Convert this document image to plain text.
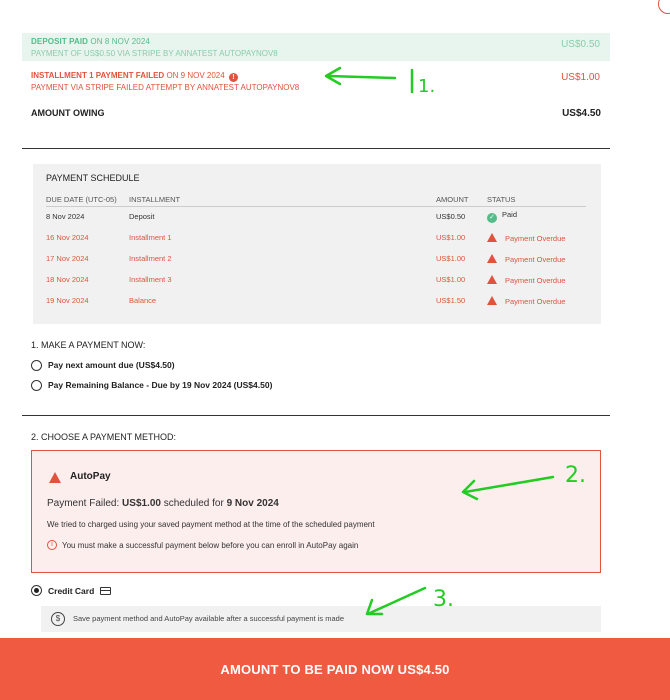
DEPOSIT PAID ON 8 NOV 2024
PAYMENT OF US$0.50 VIA STRIPE BY ANNATEST AUTOPAYNOV8
US$0.50
INSTALLMENT 1 PAYMENT FAILED ON 9 NOV 2024 !
PAYMENT VIA STRIPE FAILED ATTEMPT BY ANNATEST AUTOPAYNOV8
US$1.00
AMOUNT OWING	US$4.50
PAYMENT SCHEDULE
DUE DATE (UTC-05)	INSTALLMENT	AMOUNT	STATUS
8 Nov 2024	Deposit	US$0.50	✓ Paid
16 Nov 2024	Installment 1	US$1.00	Payment Overdue
17 Nov 2024	Installment 2	US$1.00	Payment Overdue
18 Nov 2024	Installment 3	US$1.00	Payment Overdue
19 Nov 2024	Balance	US$1.50	Payment Overdue
1. MAKE A PAYMENT NOW:
Pay next amount due (US$4.50)
Pay Remaining Balance - Due by 19 Nov 2024 (US$4.50)
2. CHOOSE A PAYMENT METHOD:
AutoPay
Payment Failed: US$1.00 scheduled for 9 Nov 2024
We tried to charged using your saved payment method at the time of the scheduled payment
i	You must make a successful payment below before you can enroll in AutoPay again
Credit Card
$	Save payment method and AutoPay available after a successful payment is made
AMOUNT TO BE PAID NOW US$4.50
1.
2.
3.
